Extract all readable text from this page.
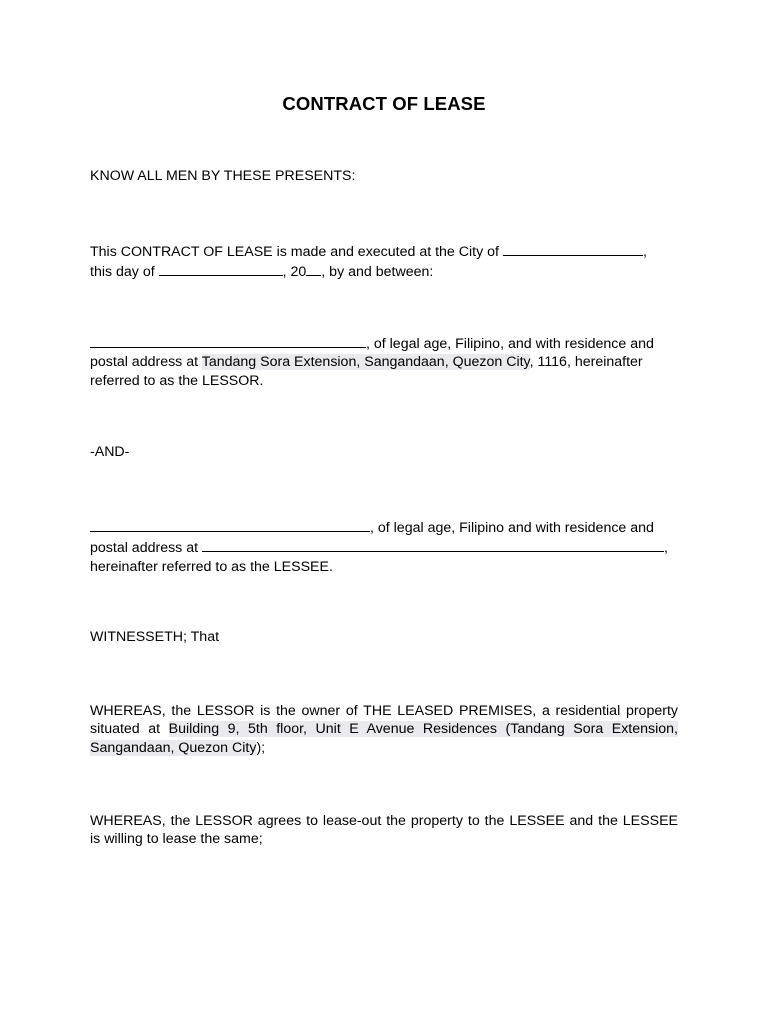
CONTRACT OF LEASE
KNOW ALL MEN BY THESE PRESENTS:
This CONTRACT OF LEASE is made and executed at the City of	,
this day of	, 20 , by and between:
, of legal age, Filipino, and with residence and
postal address at Tandang Sora Extension, Sangandaan, Quezon City, 1116, hereinafter
referred to as the LESSOR.
-AND-
, of legal age, Filipino and with residence and
postal address at	,
hereinafter referred to as the LESSEE.
WITNESSETH; That
WHEREAS, the LESSOR is the owner of THE LEASED PREMISES, a residential property situated at Building 9, 5th floor, Unit E Avenue Residences (Tandang Sora Extension, Sangandaan, Quezon City);
WHEREAS, the LESSOR agrees to lease-out the property to the LESSEE and the LESSEE is willing to lease the same;
